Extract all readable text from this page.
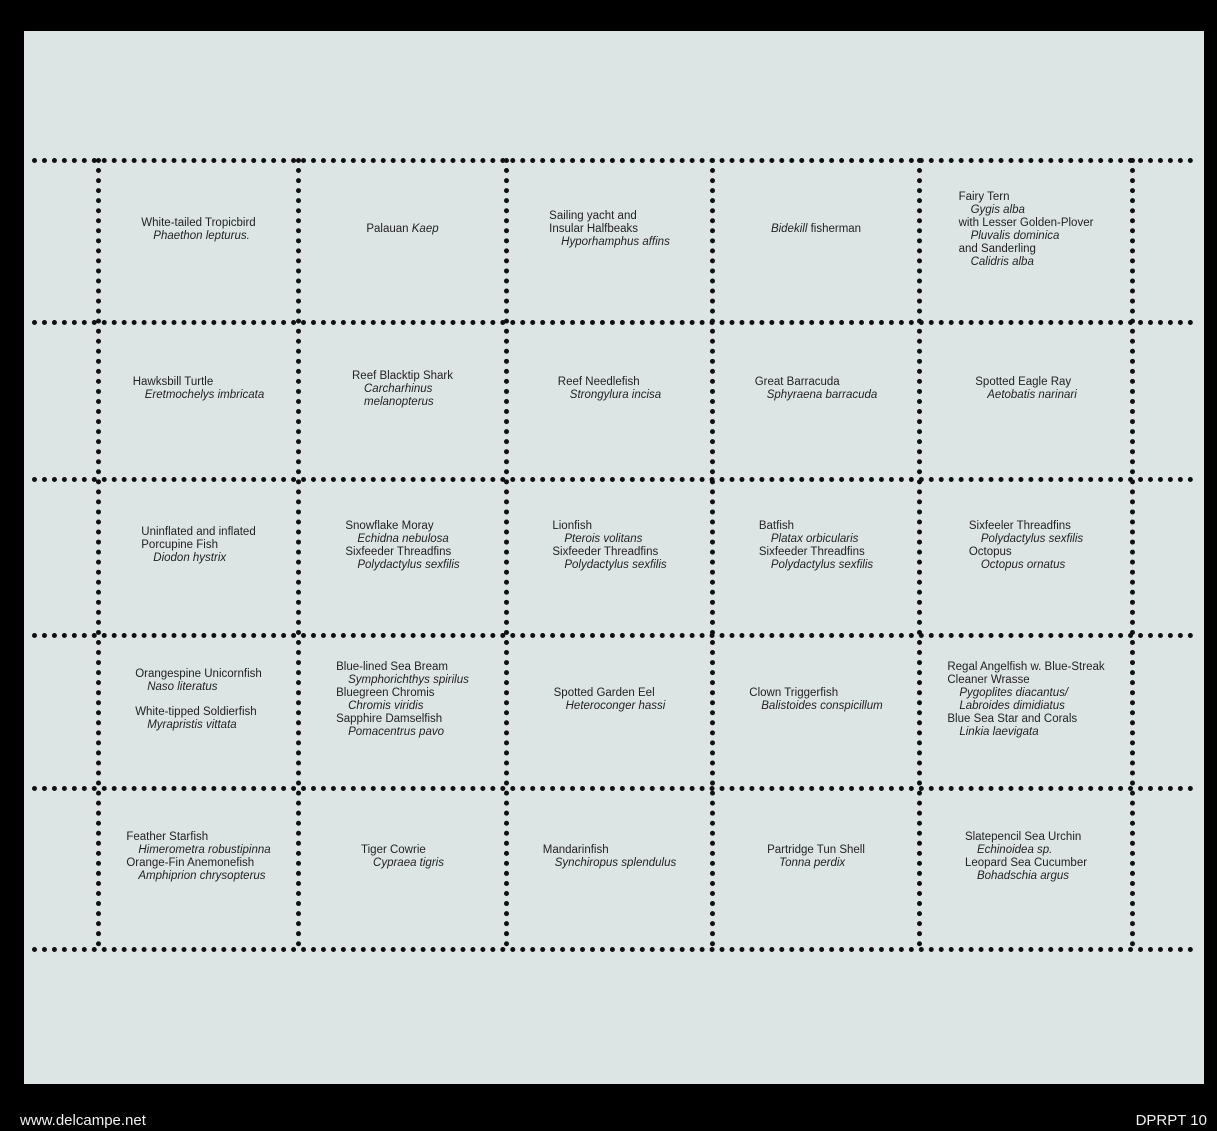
White-tailed Tropicbird
Phaethon lepturus.
Palauan Kaep
Sailing yacht and
Insular Halfbeaks
Hyporhamphus affins
Bidekill fisherman
Fairy Tern
Gygis alba
with Lesser Golden-Plover
Pluvalis dominica
and Sanderling
Calidris alba
Hawksbill Turtle
Eretmochelys imbricata
Reef Blacktip Shark
Carcharhinus
melanopterus
Reef Needlefish
Strongylura incisa
Great Barracuda
Sphyraena barracuda
Spotted Eagle Ray
Aetobatis narinari
Uninflated and inflated
Porcupine Fish
Diodon hystrix
Snowflake Moray
Echidna nebulosa
Sixfeeder Threadfins
Polydactylus sexfilis
Lionfish
Pterois volitans
Sixfeeder Threadfins
Polydactylus sexfilis
Batfish
Platax orbicularis
Sixfeeder Threadfins
Polydactylus sexfilis
Sixfeeler Threadfins
Polydactylus sexfilis
Octopus
Octopus ornatus
Orangespine Unicornfish
Naso literatus
White-tipped Soldierfish
Myrapristis vittata
Blue-lined Sea Bream
Symphorichthys spirilus
Bluegreen Chromis
Chromis viridis
Sapphire Damselfish
Pomacentrus pavo
Spotted Garden Eel
Heteroconger hassi
Clown Triggerfish
Balistoides conspicillum
Regal Angelfish w. Blue-Streak
Cleaner Wrasse
Pygoplites diacantus/
Labroides dimidiatus
Blue Sea Star and Corals
Linkia laevigata
Feather Starfish
Himerometra robustipinna
Orange-Fin Anemonefish
Amphiprion chrysopterus
Tiger Cowrie
Cypraea tigris
Mandarinfish
Synchiropus splendulus
Partridge Tun Shell
Tonna perdix
Slatepencil Sea Urchin
Echinoidea sp.
Leopard Sea Cucumber
Bohadschia argus
www.delcampe.net	DPRPT 10
